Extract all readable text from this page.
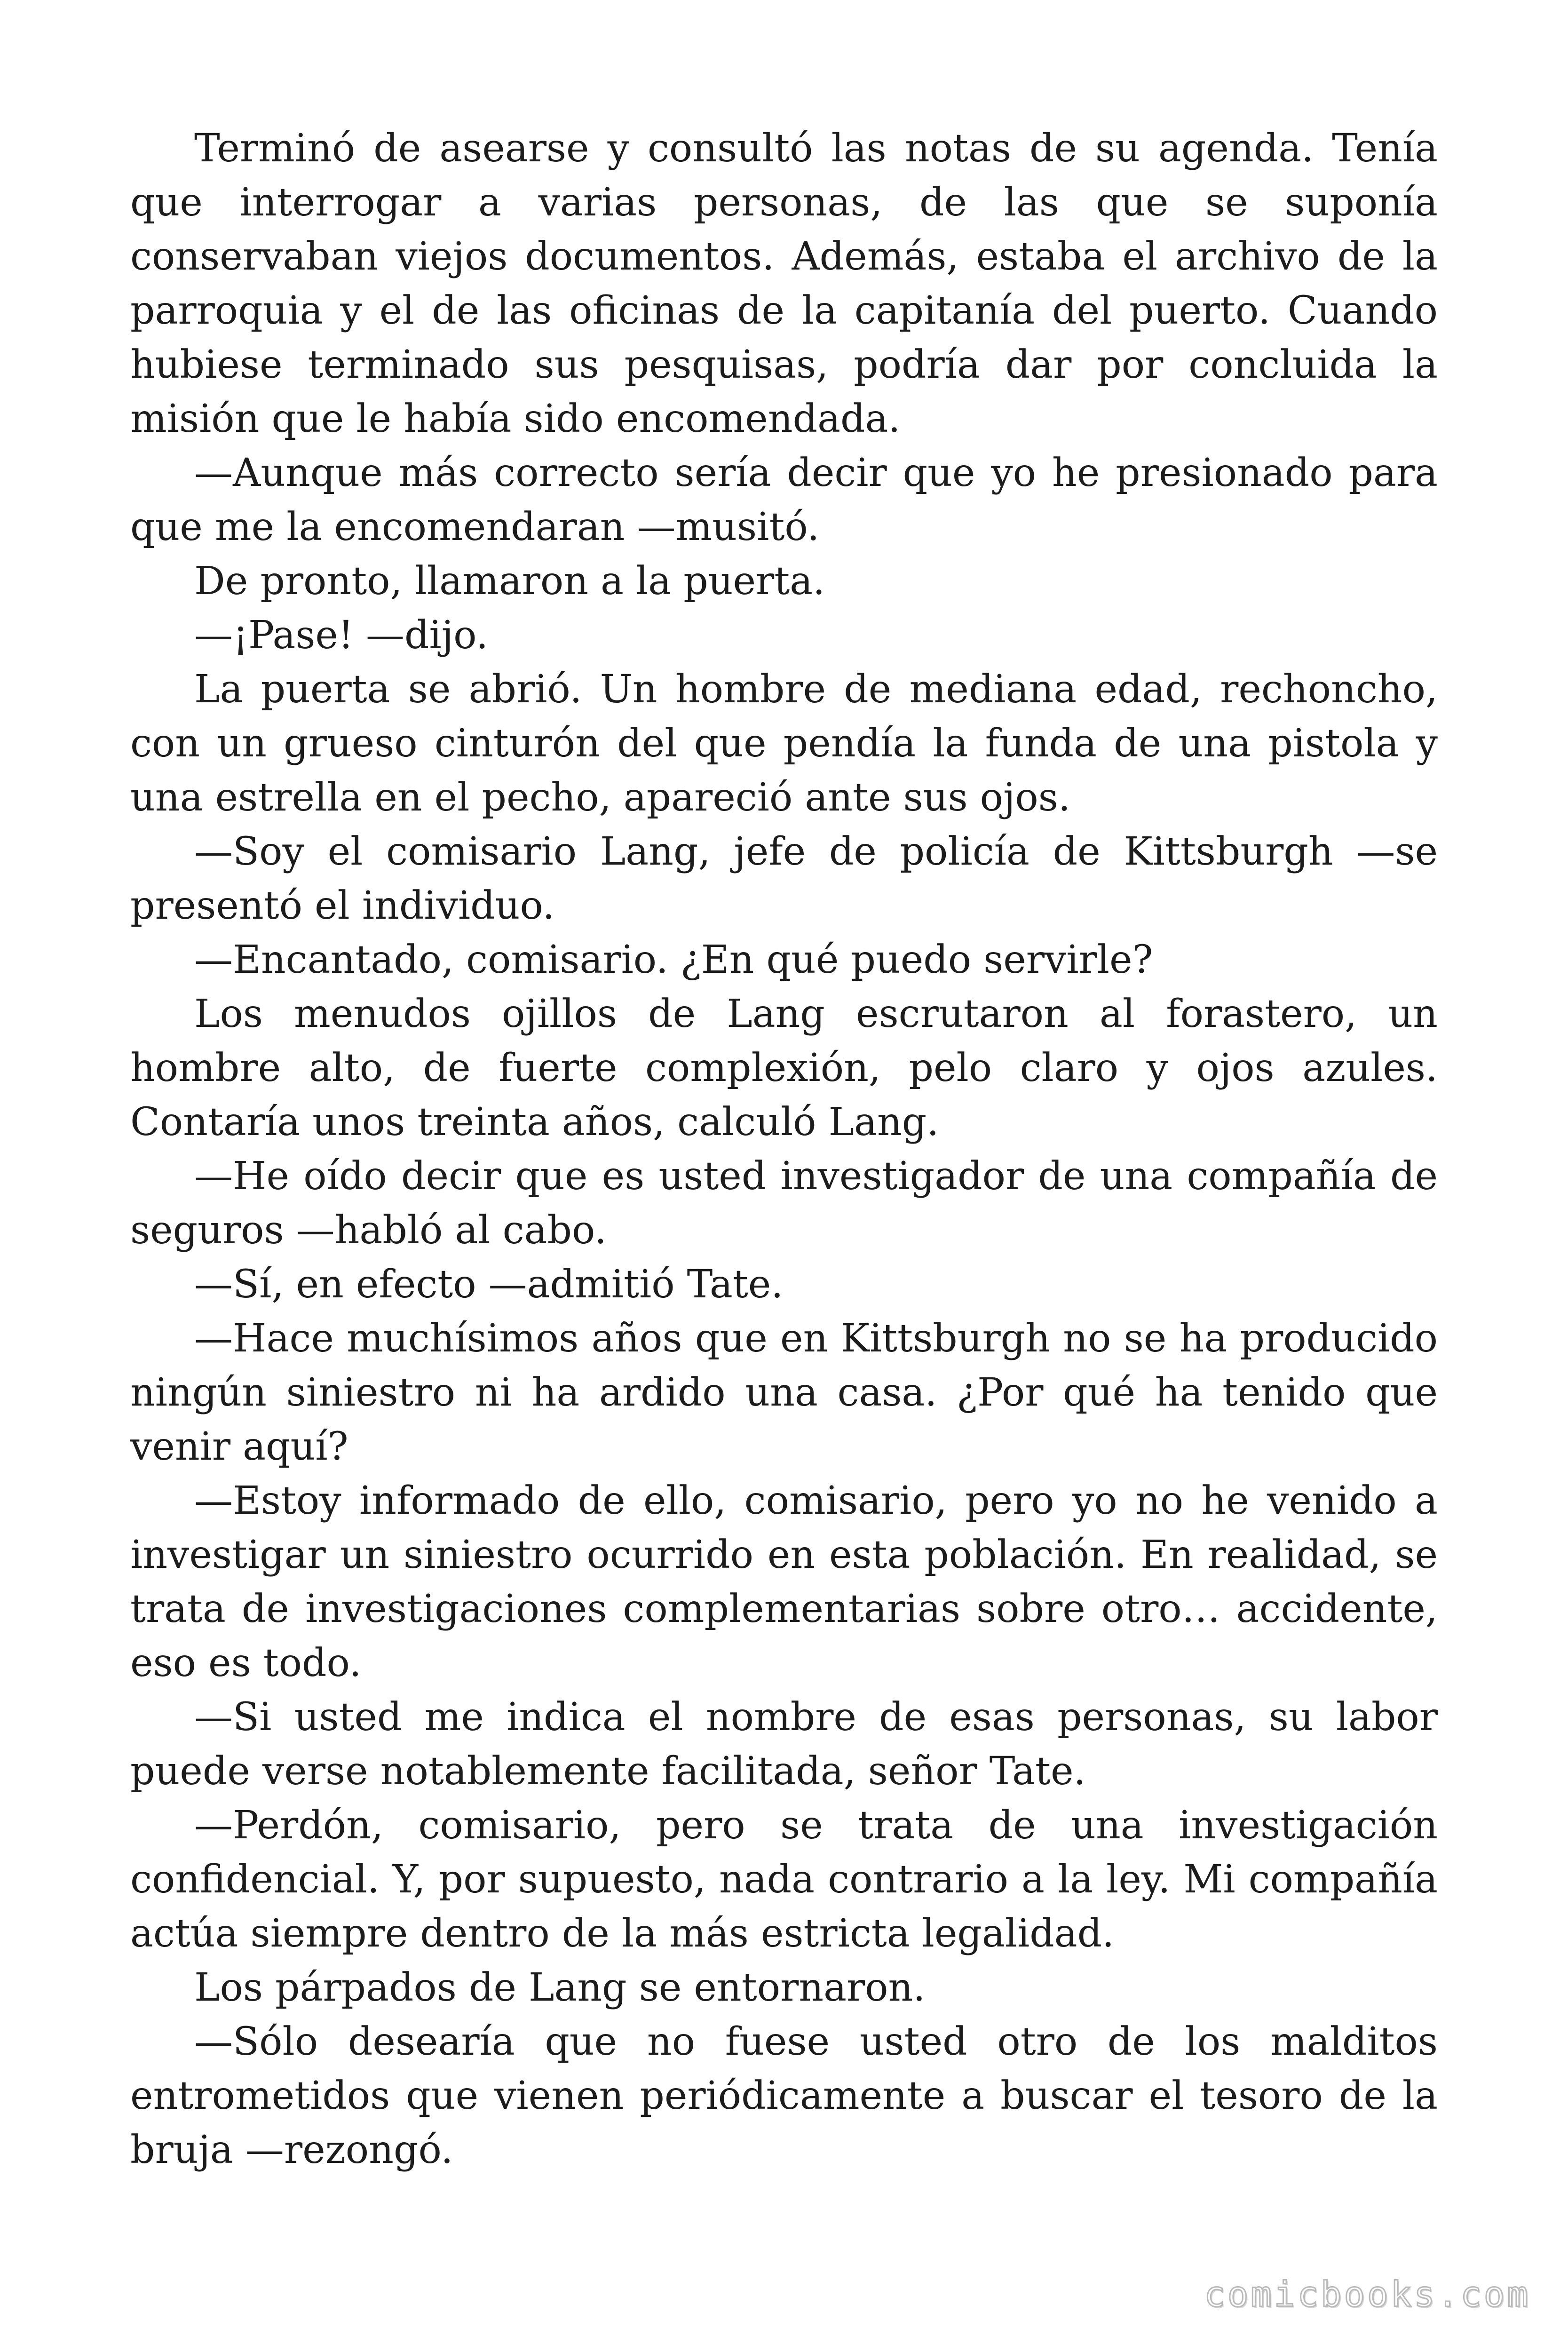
Terminó de asearse y consultó las notas de su agenda. Tenía que interrogar a varias personas, de las que se suponía conservaban viejos documentos. Además, estaba el archivo de la parroquia y el de las oficinas de la capitanía del puerto. Cuando hubiese terminado sus pesquisas, podría dar por concluida la misión que le había sido encomendada.

—Aunque más correcto sería decir que yo he presionado para que me la encomendaran —musitó.

De pronto, llamaron a la puerta.

—¡Pase! —dijo.

La puerta se abrió. Un hombre de mediana edad, rechoncho, con un grueso cinturón del que pendía la funda de una pistola y una estrella en el pecho, apareció ante sus ojos.

—Soy el comisario Lang, jefe de policía de Kittsburgh —se presentó el individuo.

—Encantado, comisario. ¿En qué puedo servirle?

Los menudos ojillos de Lang escrutaron al forastero, un hombre alto, de fuerte complexión, pelo claro y ojos azules. Contaría unos treinta años, calculó Lang.

—He oído decir que es usted investigador de una compañía de seguros —habló al cabo.

—Sí, en efecto —admitió Tate.

—Hace muchísimos años que en Kittsburgh no se ha producido ningún siniestro ni ha ardido una casa. ¿Por qué ha tenido que venir aquí?

—Estoy informado de ello, comisario, pero yo no he venido a investigar un siniestro ocurrido en esta población. En realidad, se trata de investigaciones complementarias sobre otro… accidente, eso es todo.

—Si usted me indica el nombre de esas personas, su labor puede verse notablemente facilitada, señor Tate.

—Perdón, comisario, pero se trata de una investigación confidencial. Y, por supuesto, nada contrario a la ley. Mi compañía actúa siempre dentro de la más estricta legalidad.

Los párpados de Lang se entornaron.

—Sólo desearía que no fuese usted otro de los malditos entrometidos que vienen periódicamente a buscar el tesoro de la bruja —rezongó.

comicbooks.com
